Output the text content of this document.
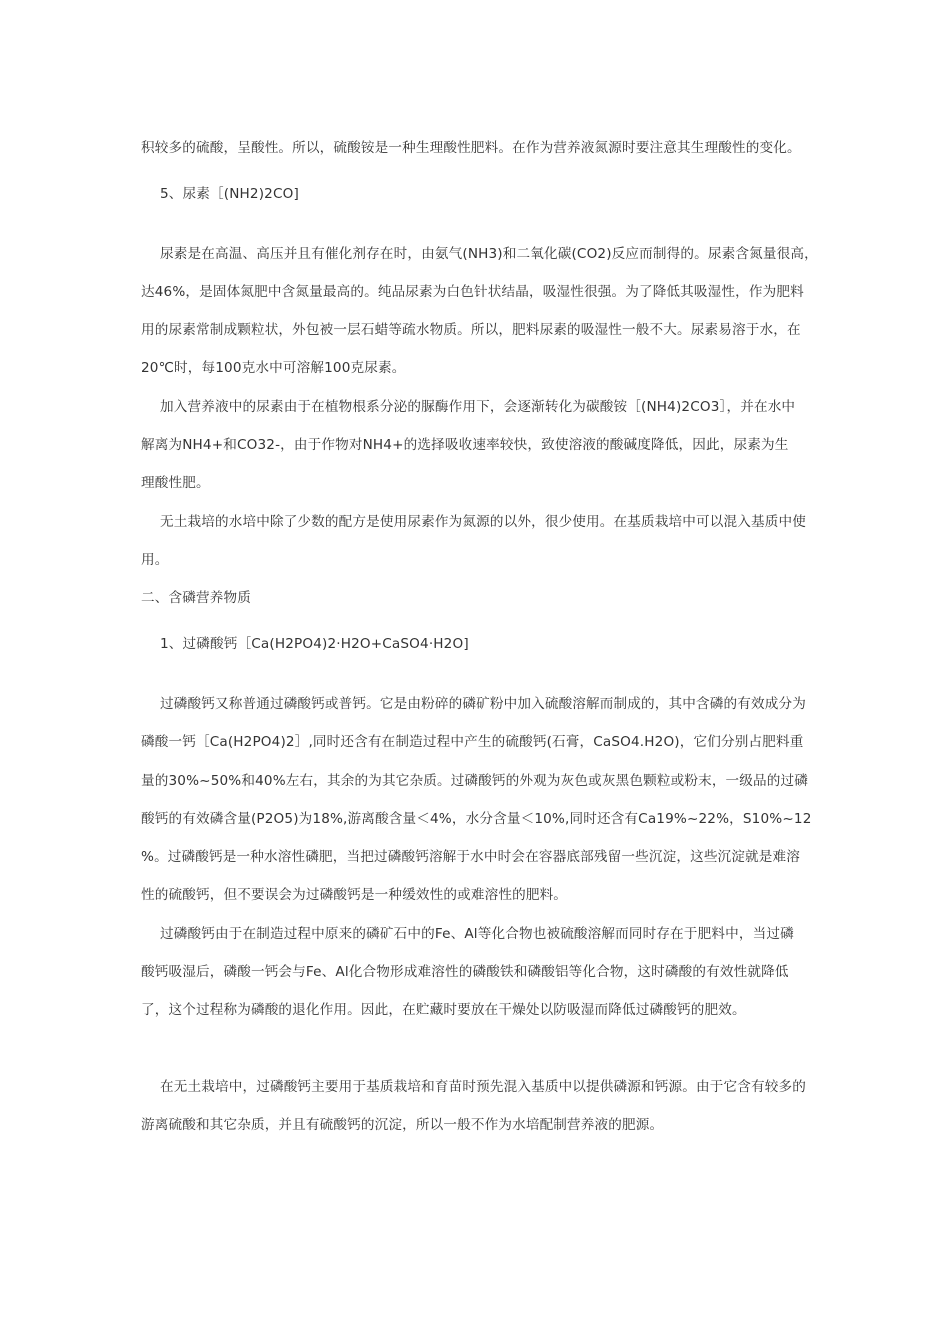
积较多的硫酸，呈酸性。所以，硫酸铵是一种生理酸性肥料。在作为营养液氮源时要注意其生理酸性的变化。
5、尿素［(NH2)2CO]
尿素是在高温、高压并且有催化剂存在时，由氨气(NH3)和二氧化碳(CO2)反应而制得的。尿素含氮量很高，
达46%，是固体氮肥中含氮量最高的。纯品尿素为白色针状结晶，吸湿性很强。为了降低其吸湿性，作为肥料
用的尿素常制成颗粒状，外包被一层石蜡等疏水物质。所以，肥料尿素的吸湿性一般不大。尿素易溶于水，在
20℃时，每100克水中可溶解100克尿素。
加入营养液中的尿素由于在植物根系分泌的脲酶作用下，会逐渐转化为碳酸铵［(NH4)2CO3］，并在水中
解离为NH4+和CO32-，由于作物对NH4+的选择吸收速率较快，致使溶液的酸碱度降低，因此，尿素为生
理酸性肥。
无土栽培的水培中除了少数的配方是使用尿素作为氮源的以外，很少使用。在基质栽培中可以混入基质中使
用。
二、含磷营养物质
1、过磷酸钙［Ca(H2PO4)2·H2O+CaSO4·H2O]
过磷酸钙又称普通过磷酸钙或普钙。它是由粉碎的磷矿粉中加入硫酸溶解而制成的，其中含磷的有效成分为
磷酸一钙［Ca(H2PO4)2］,同时还含有在制造过程中产生的硫酸钙(石膏，CaSO4.H2O)，它们分别占肥料重
量的30%~50%和40%左右，其余的为其它杂质。过磷酸钙的外观为灰色或灰黑色颗粒或粉末，一级品的过磷
酸钙的有效磷含量(P2O5)为18%,游离酸含量＜4%，水分含量＜10%,同时还含有Ca19%~22%，S10%~12
%。过磷酸钙是一种水溶性磷肥，当把过磷酸钙溶解于水中时会在容器底部残留一些沉淀，这些沉淀就是难溶
性的硫酸钙，但不要误会为过磷酸钙是一种缓效性的或难溶性的肥料。
过磷酸钙由于在制造过程中原来的磷矿石中的Fe、Al等化合物也被硫酸溶解而同时存在于肥料中，当过磷
酸钙吸湿后，磷酸一钙会与Fe、Al化合物形成难溶性的磷酸铁和磷酸铝等化合物，这时磷酸的有效性就降低
了，这个过程称为磷酸的退化作用。因此，在贮藏时要放在干燥处以防吸湿而降低过磷酸钙的肥效。
在无土栽培中，过磷酸钙主要用于基质栽培和育苗时预先混入基质中以提供磷源和钙源。由于它含有较多的
游离硫酸和其它杂质，并且有硫酸钙的沉淀，所以一般不作为水培配制营养液的肥源。
